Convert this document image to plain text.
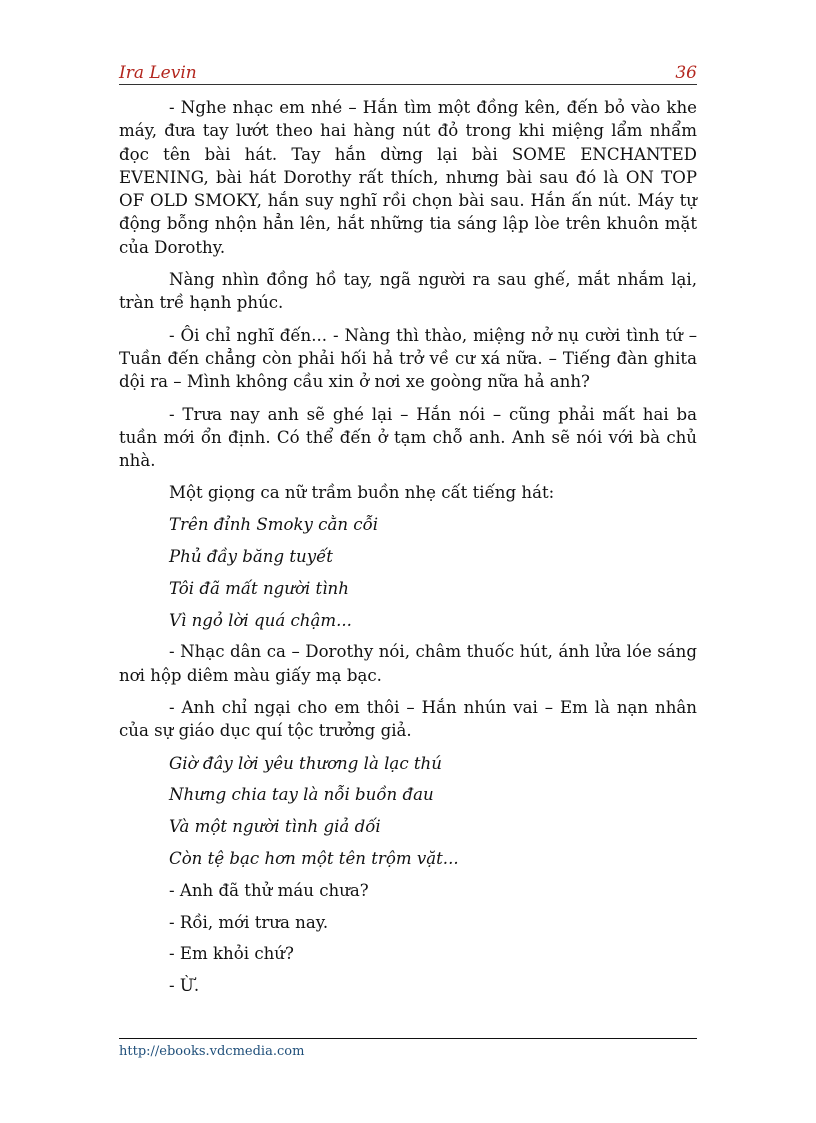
Ira Levin	36

- Nghe nhạc em nhé – Hắn tìm một đồng kên, đến bỏ vào khe máy, đưa tay lướt theo hai hàng nút đỏ trong khi miệng lẩm nhẩm đọc tên bài hát. Tay hắn dừng lại bài SOME ENCHANTED EVENING, bài hát Dorothy rất thích, nhưng bài sau đó là ON TOP OF OLD SMOKY, hắn suy nghĩ rồi chọn bài sau. Hắn ấn nút. Máy tự động bỗng nhộn hẳn lên, hắt những tia sáng lập lòe trên khuôn mặt của Dorothy.

Nàng nhìn đồng hồ tay, ngã người ra sau ghế, mắt nhắm lại, tràn trề hạnh phúc.

- Ôi chỉ nghĩ đến... - Nàng thì thào, miệng nở nụ cười tình tứ – Tuần đến chẳng còn phải hối hả trở về cư xá nữa. – Tiếng đàn ghita dội ra – Mình không cầu xin ở nơi xe goòng nữa hả anh?

- Trưa nay anh sẽ ghé lại – Hắn nói – cũng phải mất hai ba tuần mới ổn định. Có thể đến ở tạm chỗ anh. Anh sẽ nói với bà chủ nhà.

Một giọng ca nữ trầm buồn nhẹ cất tiếng hát:

Trên đỉnh Smoky cằn cỗi

Phủ đầy băng tuyết

Tôi đã mất người tình

Vì ngỏ lời quá chậm...

- Nhạc dân ca – Dorothy nói, châm thuốc hút, ánh lửa lóe sáng nơi hộp diêm màu giấy mạ bạc.

- Anh chỉ ngại cho em thôi – Hắn nhún vai – Em là nạn nhân của sự giáo dục quí tộc trưởng giả.

Giờ đây lời yêu thương là lạc thú

Nhưng chia tay là nỗi buồn đau

Và một người tình giả dối

Còn tệ bạc hơn một tên trộm vặt...

- Anh đã thử máu chưa?

- Rồi, mới trưa nay.

- Em khỏi chứ?

- Ừ.

http://ebooks.vdcmedia.com
